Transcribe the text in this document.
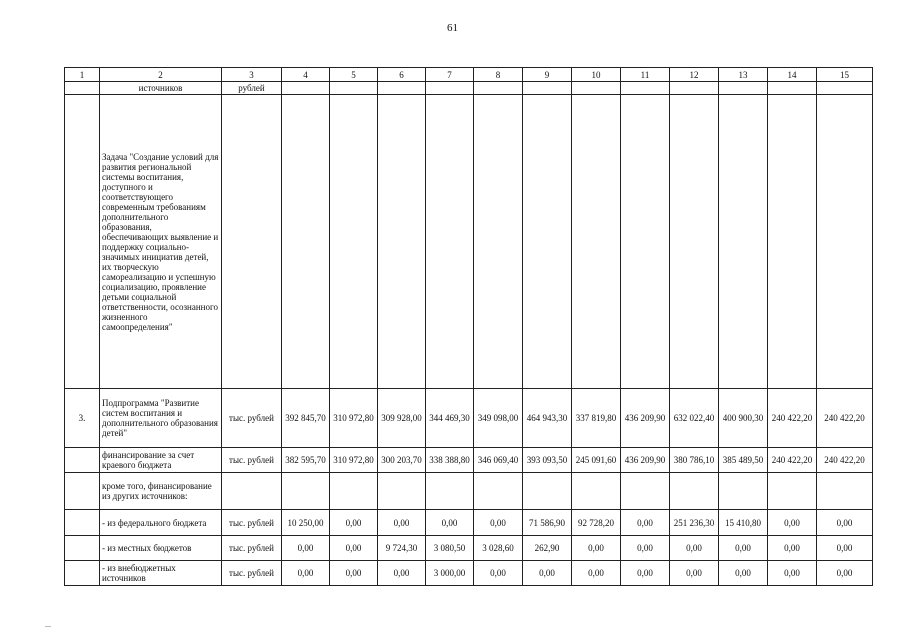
61
1	2	3	4	5	6	7	8	9	10	11	12	13	14	15
	источников	рублей												
	Задача "Создание условий для развития региональной системы воспитания, доступного и соответствующего современным требованиям дополнительного образования, обеспечивающих выявление и поддержку социально-значимых инициатив детей, их творческую самореализацию и успешную социализацию, проявление детьми социальной ответственности, осознанного жизненного самоопределения"													
3.	Подпрограмма "Развитие систем воспитания и дополнительного образования детей"	тыс. рублей	392 845,70	310 972,80	309 928,00	344 469,30	349 098,00	464 943,30	337 819,80	436 209,90	632 022,40	400 900,30	240 422,20	240 422,20
	финансирование за счет краевого бюджета	тыс. рублей	382 595,70	310 972,80	300 203,70	338 388,80	346 069,40	393 093,50	245 091,60	436 209,90	380 786,10	385 489,50	240 422,20	240 422,20
	кроме того, финансирование из других источников:													
	- из федерального бюджета	тыс. рублей	10 250,00	0,00	0,00	0,00	0,00	71 586,90	92 728,20	0,00	251 236,30	15 410,80	0,00	0,00
	- из местных бюджетов	тыс. рублей	0,00	0,00	9 724,30	3 080,50	3 028,60	262,90	0,00	0,00	0,00	0,00	0,00	0,00
	- из внебюджетных источников	тыс. рублей	0,00	0,00	0,00	3 000,00	0,00	0,00	0,00	0,00	0,00	0,00	0,00	0,00
